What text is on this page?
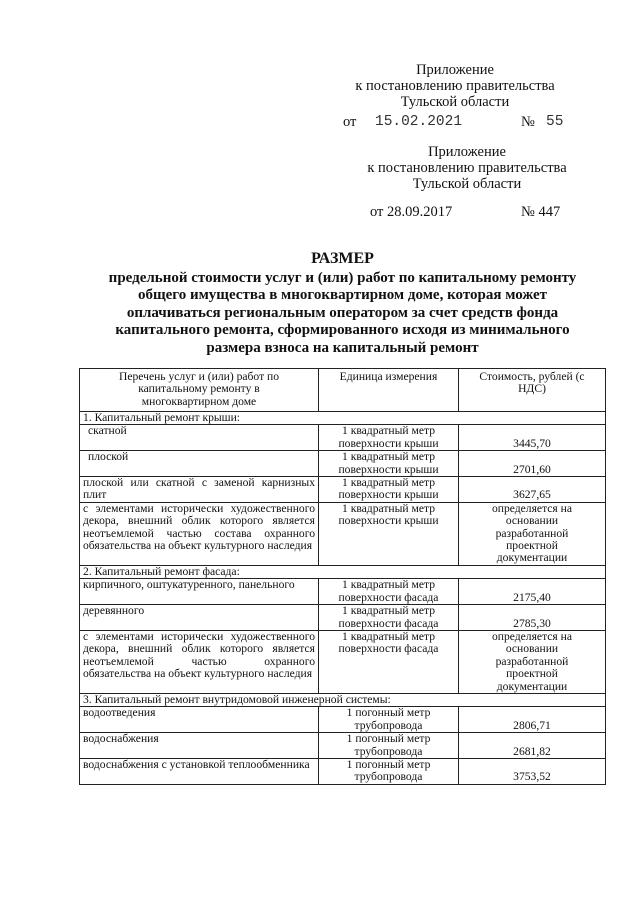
Приложение
к постановлению правительства
Тульской области
от 15.02.2021	№ 55
Приложение
к постановлению правительства
Тульской области
от 28.09.2017	№ 447
РАЗМЕР
предельной стоимости услуг и (или) работ по капитальному ремонту
общего имущества в многоквартирном доме, которая может
оплачиваться региональным оператором за счет средств фонда
капитального ремонта, сформированного исходя из минимального
размера взноса на капитальный ремонт
Перечень услуг и (или) работ по капитальному ремонту в многоквартирном доме	Единица измерения	Стоимость, рублей (с НДС)
1. Капитальный ремонт крыши:		
скатной	1 квадратный метр поверхности крыши	3445,70
плоской	1 квадратный метр поверхности крыши	2701,60
плоской или скатной с заменой карнизных плит	1 квадратный метр поверхности крыши	3627,65
с элементами исторически художественного декора, внешний облик которого является неотъемлемой частью состава охранного обязательства на объект культурного наследия	1 квадратный метр поверхности крыши	определяется на основании разработанной проектной документации
2. Капитальный ремонт фасада:		
кирпичного, оштукатуренного, панельного	1 квадратный метр поверхности фасада	2175,40
деревянного	1 квадратный метр поверхности фасада	2785,30
с элементами исторически художественного декора, внешний облик которого является неотъемлемой частью охранного обязательства на объект культурного наследия	1 квадратный метр поверхности фасада	определяется на основании разработанной проектной документации
3. Капитальный ремонт внутридомовой инженерной системы:		
водоотведения	1 погонный метр трубопровода	2806,71
водоснабжения	1 погонный метр трубопровода	2681,82
водоснабжения с установкой теплообменника	1 погонный метр трубопровода	3753,52
